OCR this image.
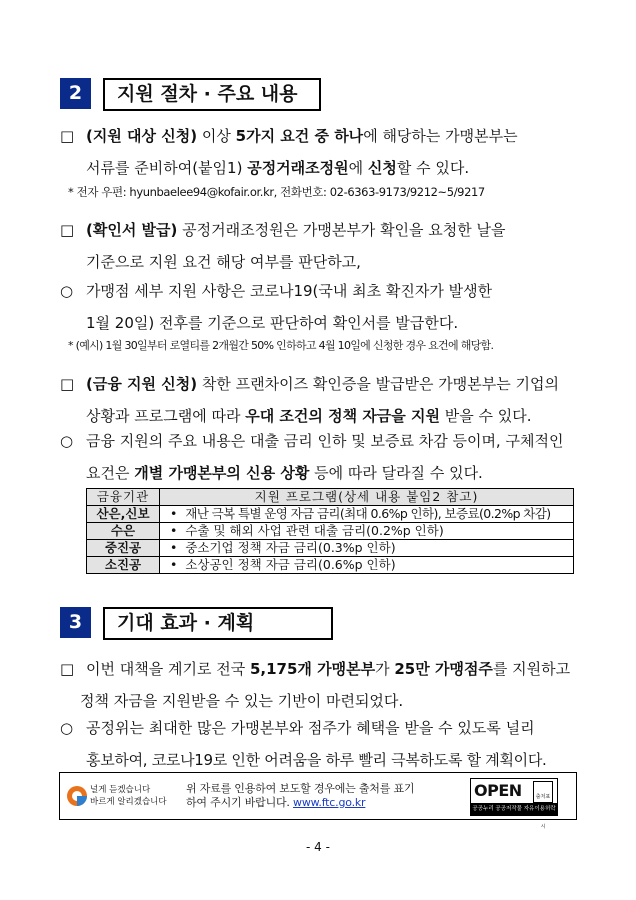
2	지원 절차 · 주요 내용
□ (지원 대상 신청) 이상 5가지 요건 중 하나에 해당하는 가맹본부는
서류를 준비하여(붙임1) 공정거래조정원에 신청할 수 있다.
* 전자 우편: hyunbaelee94@kofair.or.kr, 전화번호: 02-6363-9173/9212~5/9217
□ (확인서 발급) 공정거래조정원은 가맹본부가 확인을 요청한 날을
기준으로 지원 요건 해당 여부를 판단하고,
○ 가맹점 세부 지원 사항은 코로나19(국내 최초 확진자가 발생한
1월 20일) 전후를 기준으로 판단하여 확인서를 발급한다.
* (예시) 1월 30일부터 로열티를 2개월간 50% 인하하고 4월 10일에 신청한 경우 요건에 해당함.
□ (금융 지원 신청) 착한 프랜차이즈 확인증을 발급받은 가맹본부는 기업의
상황과 프로그램에 따라 우대 조건의 정책 자금을 지원 받을 수 있다.
○ 금융 지원의 주요 내용은 대출 금리 인하 및 보증료 차감 등이며, 구체적인
요건은 개별 가맹본부의 신용 상황 등에 따라 달라질 수 있다.
금융기관	지원 프로그램(상세 내용 붙임2 참고)
산은,신보	• 재난 극복 특별 운영 자금 금리(최대 0.6%p 인하), 보증료(0.2%p 차감)
수은	• 수출 및 해외 사업 관련 대출 금리(0.2%p 인하)
중진공	• 중소기업 정책 자금 금리(0.3%p 인하)
소진공	• 소상공인 정책 자금 금리(0.6%p 인하)
3	기대 효과 · 계획
□ 이번 대책을 계기로 전국 5,175개 가맹본부가 25만 가맹점주를 지원하고
정책 자금을 지원받을 수 있는 기반이 마련되었다.
○ 공정위는 최대한 많은 가맹본부와 점주가 혜택을 받을 수 있도록 널리
홍보하여, 코로나19로 인한 어려움을 하루 빨리 극복하도록 할 계획이다.
널게 듣겠습니다
바르게 알리겠습니다
위 자료를 인용하여 보도할 경우에는 출처를 표기
하여 주시기 바랍니다. www.ftc.go.kr
OPEN	출처표시
공공누리 공공저작물 자유이용허락
- 4 -
